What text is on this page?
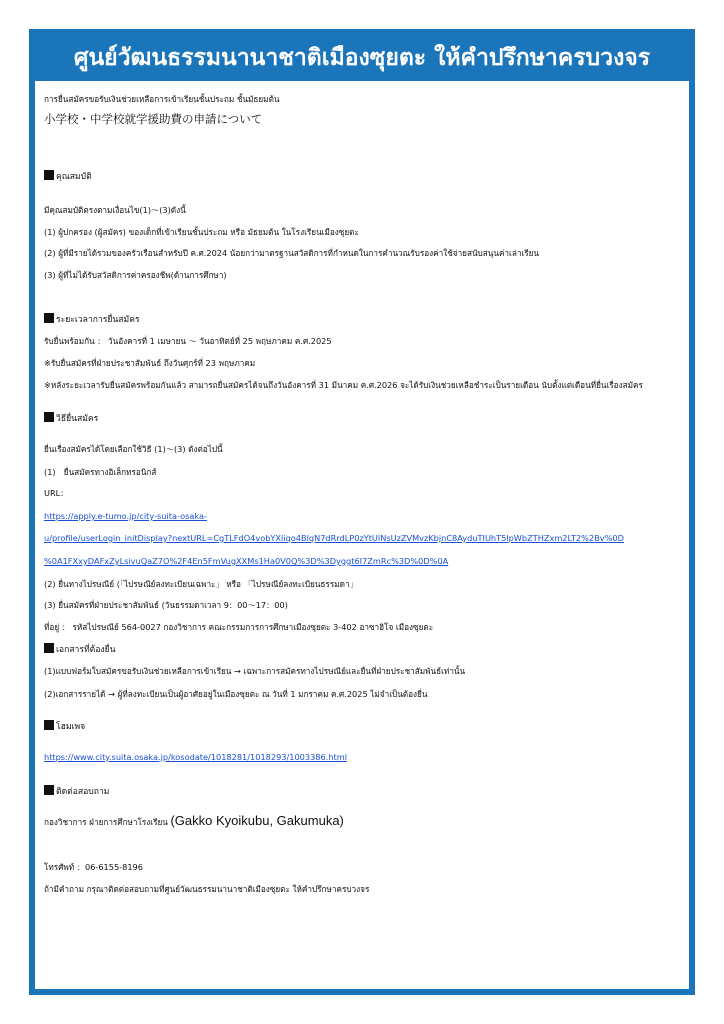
ศูนย์วัฒนธรรมนานาชาติเมืองซุยตะ ให้คำปรึกษาครบวงจร
การยื่นสมัครขอรับเงินช่วยเหลือการเข้าเรียนชั้นประถม ชั้นมัธยมต้น
小学校・中学校就学援助費の申請について
คุณสมบัติ
มีคุณสมบัติตรงตามเงื่อนไข(1)～(3)ดังนี้
(1) ผู้ปกครอง (ผู้สมัคร) ของเด็กที่เข้าเรียนชั้นประถม หรือ มัธยมต้น ในโรงเรียนเมืองซุยตะ
(2) ผู้ที่มีรายได้รวมของครัวเรือนสำหรับปี ค.ศ.2024 น้อยกว่ามาตรฐานสวัสดิการที่กำหนดในการคำนวณรับรองค่าใช้จ่ายสนับสนุนค่าเล่าเรียน
(3) ผู้ที่ไม่ได้รับสวัสดิการค่าครองชีพ(ด้านการศึกษา)
ระยะเวลาการยื่นสมัคร
รับยื่นพร้อมกัน ： วันอังคารที่ 1 เมษายน ～ วันอาทิตย์ที่ 25 พฤษภาคม ค.ศ.2025
※รับยื่นสมัครที่ฝ่ายประชาสัมพันธ์ ถึงวันศุกร์ที่ 23 พฤษภาคม
※หลังระยะเวลารับยื่นสมัครพร้อมกันแล้ว สามารถยื่นสมัครได้จนถึงวันอังคารที่ 31 มีนาคม ค.ศ.2026 จะได้รับเงินช่วยเหลือชำระเป็นรายเดือน นับตั้งแต่เดือนที่ยื่นเรื่องสมัคร
วิธียื่นสมัคร
ยื่นเรื่องสมัครได้โดยเลือกใช้วิธี (1)～(3) ดังต่อไปนี้
(1)　ยื่นสมัครทางอิเล็กทรอนิกส์
URL：
https://apply.e-tumo.jp/city-suita-osaka-
u/profile/userLogin_initDisplay?nextURL=CgTLFdO4vobYXliqo4BlqN7dRrdLP0zYtUlNsUzZVMvzKbjnC8AyduTIUhT5lpWbZTHZxm2LT2%2Bv%0D
%0A1FXxyDAFxZyLsivuQaZ7O%2F4En5FmVugXXMs1Ha0V0Q%3D%3Dyggt6I7ZmRc%3D%0D%0A
(2) ยื่นทางไปรษณีย์ (「ไปรษณีย์ลงทะเบียนเฉพาะ」 หรือ 「ไปรษณีย์ลงทะเบียนธรรมดา」
(3) ยื่นสมัครที่ฝ่ายประชาสัมพันธ์ (วันธรรมดาเวลา 9：00～17：00)
ที่อยู่ ： รหัสไปรษณีย์ 564-0027 กองวิชาการ คณะกรรมการการศึกษาเมืองซุยตะ 3-402 อาซาฮิโจ เมืองซุยตะ
เอกสารที่ต้องยื่น
(1)แบบฟอร์มใบสมัครขอรับเงินช่วยเหลือการเข้าเรียน → เฉพาะการสมัครทางไปรษณีย์และยื่นที่ฝ่ายประชาสัมพันธ์เท่านั้น
(2)เอกสารรายได้ → ผู้ที่ลงทะเบียนเป็นผู้อาศัยอยู่ในเมืองซุยตะ ณ วันที่ 1 มกราคม ค.ศ.2025 ไม่จำเป็นต้องยื่น
โฮมเพจ
https://www.city.suita.osaka.jp/kosodate/1018281/1018293/1003386.html
ติดต่อสอบถาม
กองวิชาการ ฝ่ายการศึกษาโรงเรียน (Gakko Kyoikubu, Gakumuka)
โทรศัพท์ ：06-6155-8196
ถ้ามีคำถาม กรุณาติดต่อสอบถามที่ศูนย์วัฒนธรรมนานาชาติเมืองซุยตะ ให้คำปรึกษาครบวงจร
